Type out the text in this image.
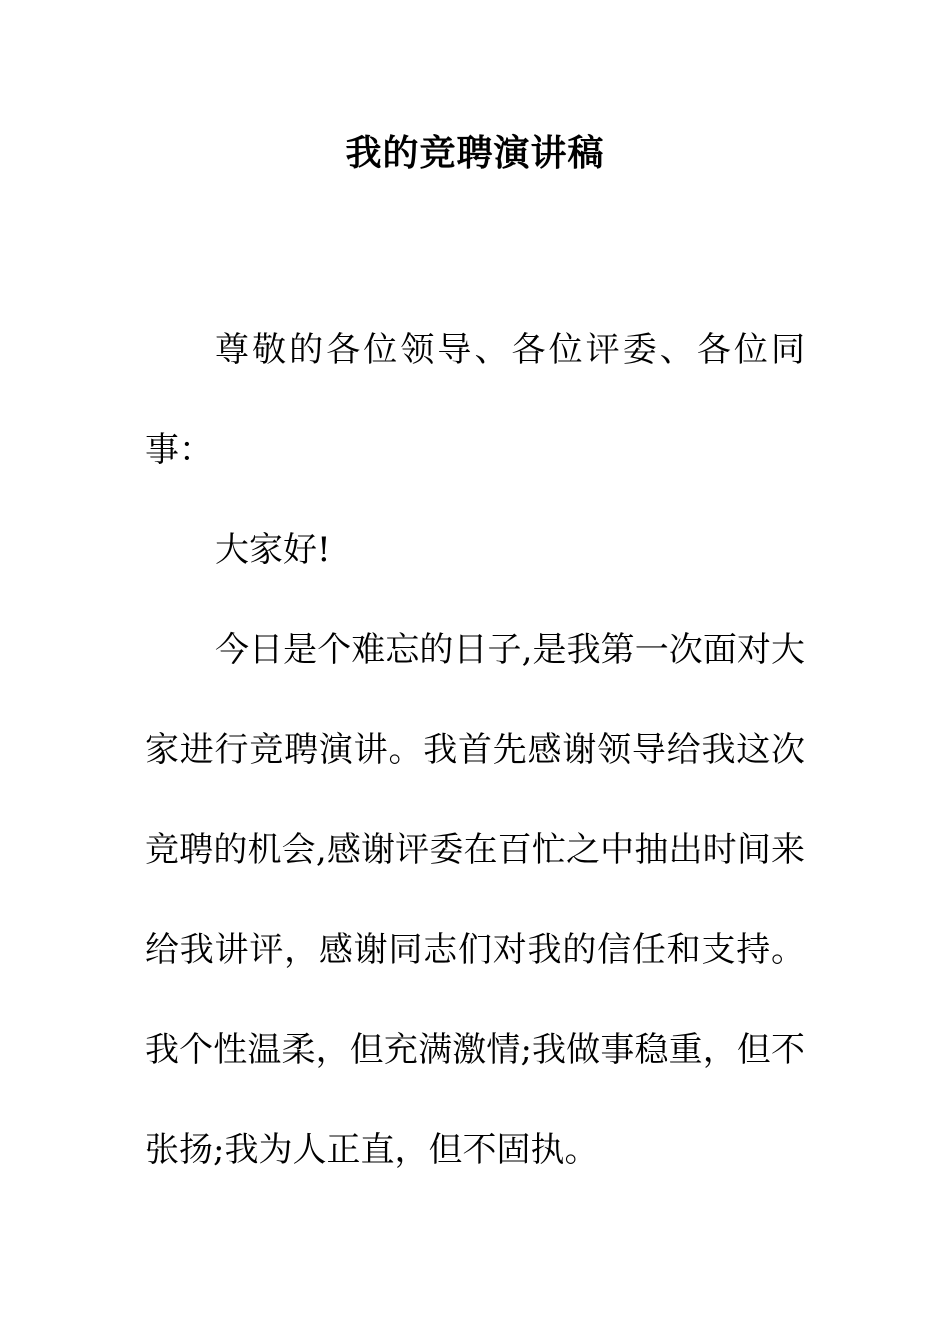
我的竞聘演讲稿

尊敬的各位领导、各位评委、各位同事：

大家好!

今日是个难忘的日子,是我第一次面对大家进行竞聘演讲。我首先感谢领导给我这次竞聘的机会,感谢评委在百忙之中抽出时间来给我讲评，感谢同志们对我的信任和支持。我个性温柔，但充满激情;我做事稳重，但不张扬;我为人正直，但不固执。
